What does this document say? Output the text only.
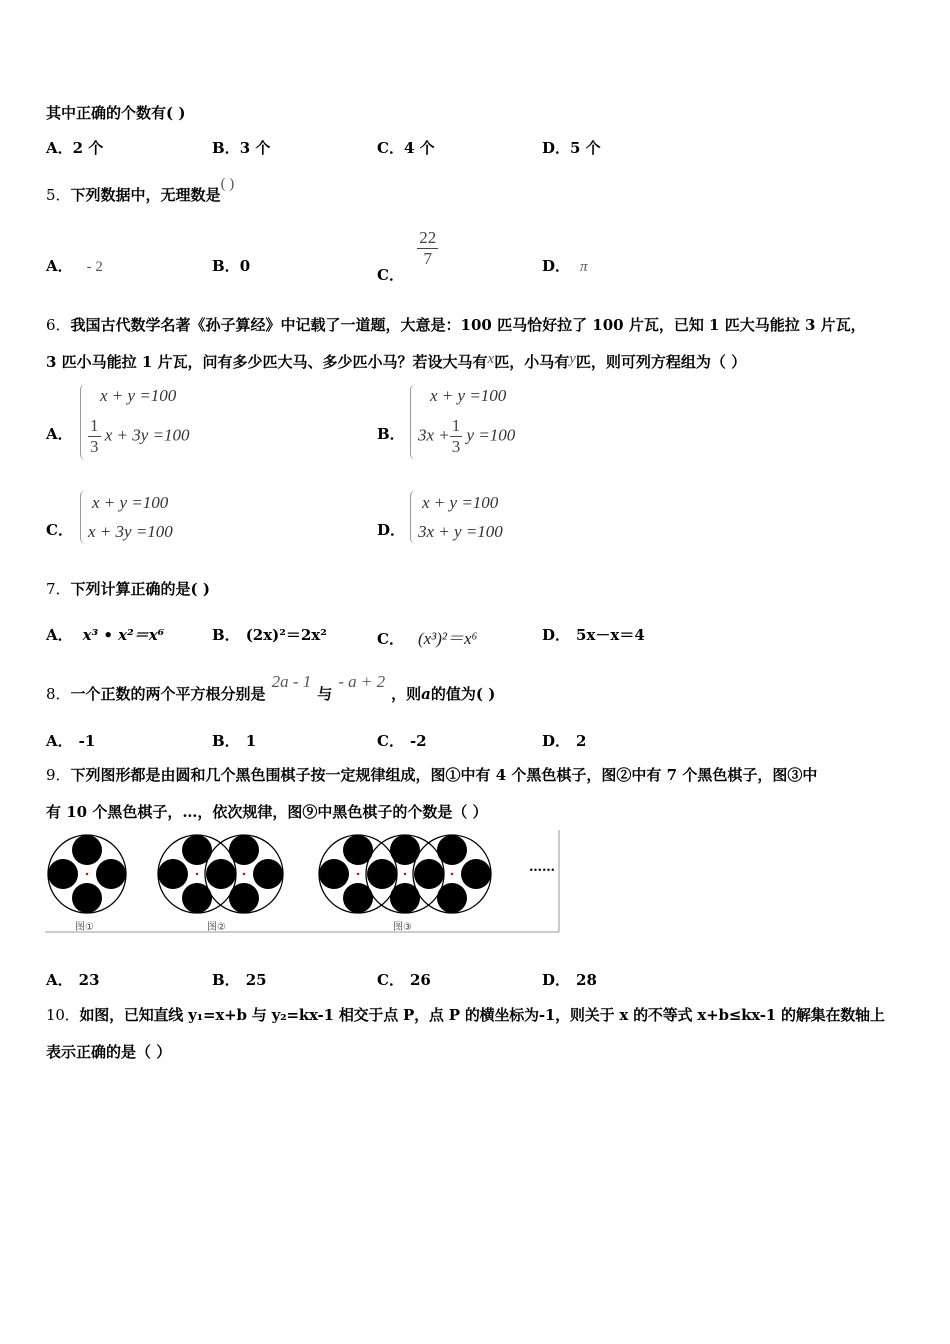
其中正确的个数有( )
A．2 个	B．3 个	C．4 个	D．5 个
5．下列数据中，无理数是( )
A． - 2	B．0	C．
$\frac{22}{7}$	D． π
6．我国古代数学名著《孙子算经》中记载了一道题，大意是：100 匹马恰好拉了 100 片瓦，已知 1 匹大马能拉 3 片瓦，
3 匹小马能拉 1 片瓦，问有多少匹大马、多少匹小马？若设大马有x匹，小马有y匹，则可列方程组为（ ）
A．
x + y =100
$\frac{1}{3}$ x + 3y =100	B．
x + y =100
$3x + \frac{1}{3}$ y =100
C．
x + y =100
x + 3y =100	D．
x + y =100
3x + y =100
7．下列计算正确的是( )
A． x³ • x²＝x⁶	B． (2x)²＝2x²	C． (x³)²＝x⁶	D． 5x－x＝4
8．一个正数的两个平方根分别是2a - 1与- a + 2，则a的值为( )
A． -1	B． 1	C． -2	D． 2
9．下列图形都是由圆和几个黑色围棋子按一定规律组成，图①中有 4 个黑色棋子，图②中有 7 个黑色棋子，图③中
有 10 个黑色棋子，…，依次规律，图⑨中黑色棋子的个数是（ ）
图①	图②	图③
……
A． 23	B． 25	C． 26	D． 28
10．如图，已知直线 y₁=x+b 与 y₂=kx-1 相交于点 P，点 P 的横坐标为-1，则关于 x 的不等式 x+b≤kx-1 的解集在数轴上
表示正确的是（ ）
